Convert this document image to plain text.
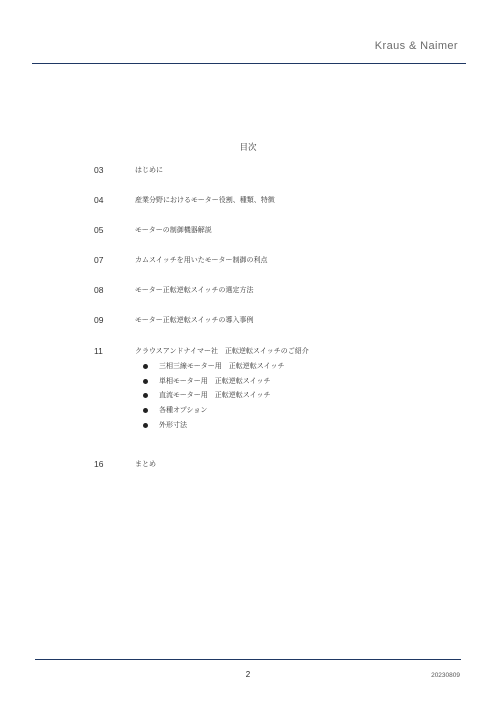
Kraus & Naimer
目次
03	はじめに
04	産業分野におけるモーター役割、種類、特徴
05	モーターの制御機器解説
07	カムスイッチを用いたモーター制御の利点
08	モーター正転逆転スイッチの選定方法
09	モーター正転逆転スイッチの導入事例
11	クラウスアンドナイマー社　正転逆転スイッチのご紹介
三相三線モーター用　正転逆転スイッチ
単相モーター用　正転逆転スイッチ
直流モーター用　正転逆転スイッチ
各種オプション
外形寸法
16	まとめ
2	20230809
